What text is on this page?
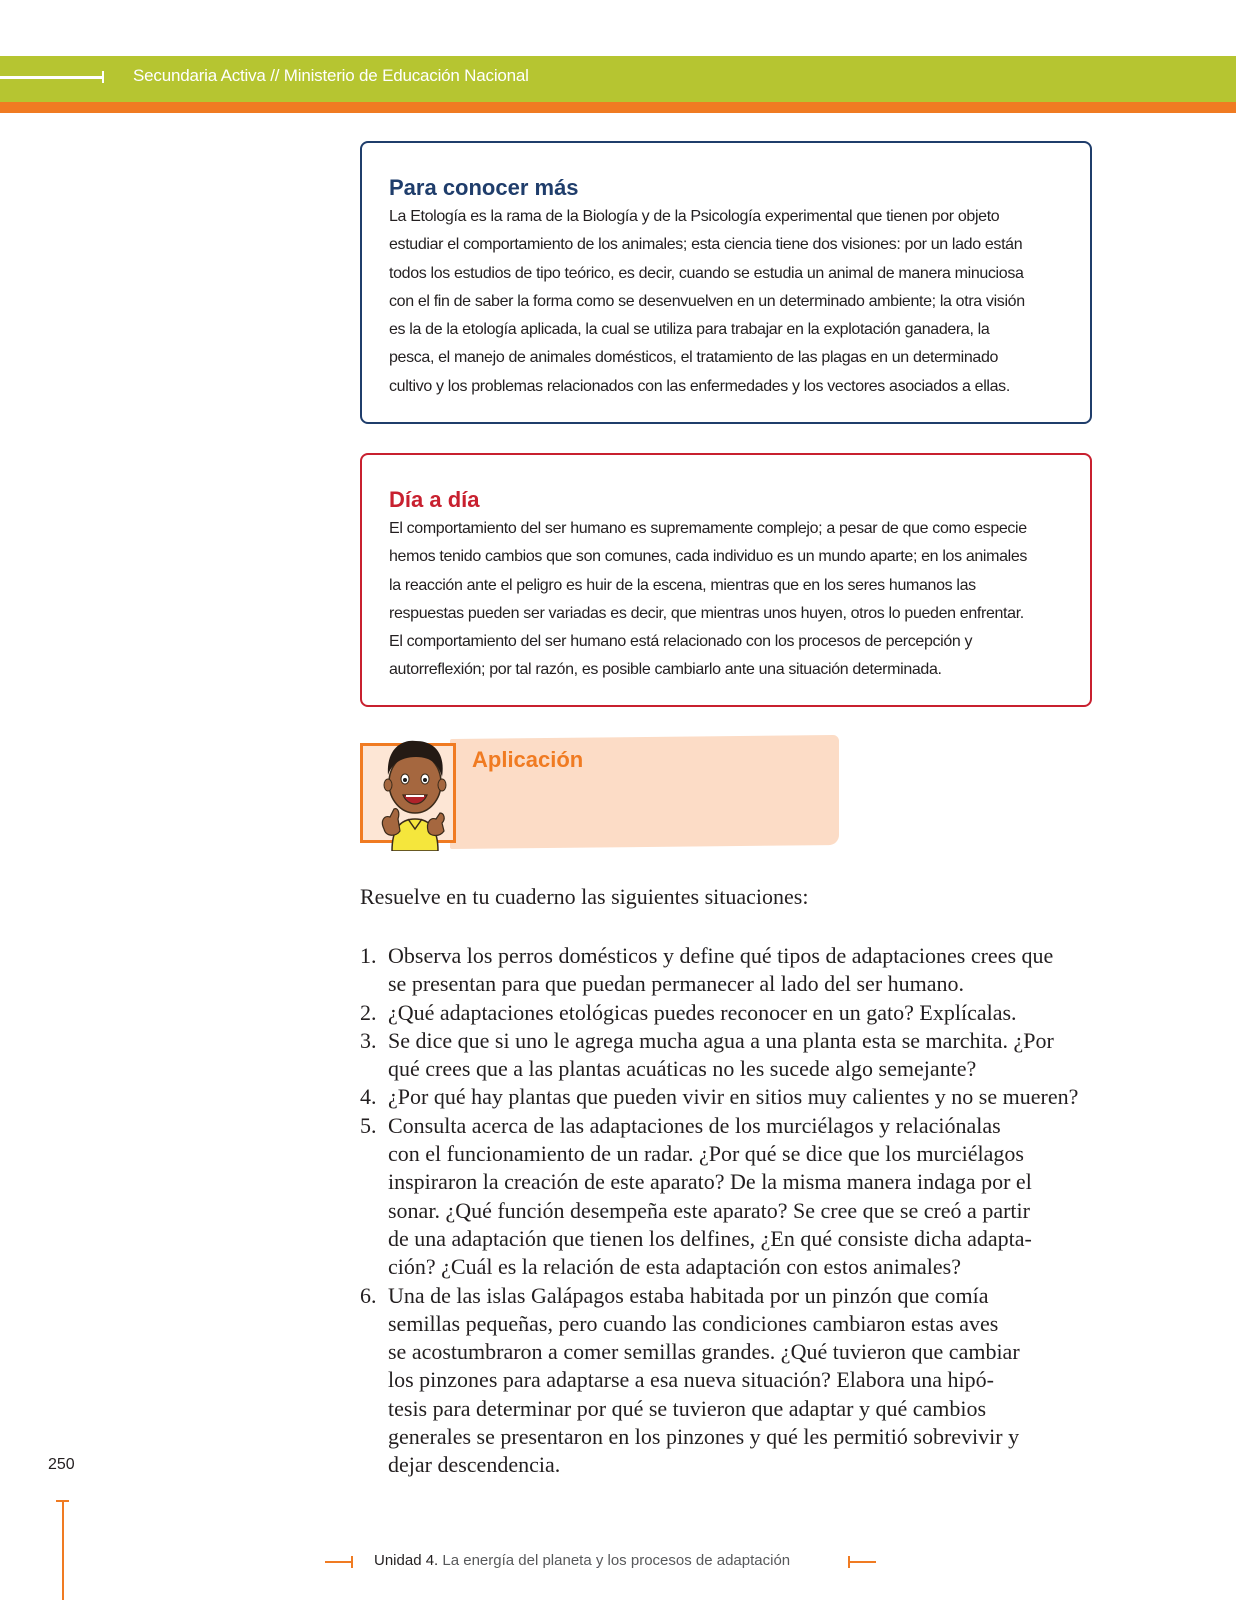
Secundaria Activa // Ministerio de Educación Nacional
Para conocer más
La Etología es la rama de la Biología y de la Psicología experimental que tienen por objeto
estudiar el comportamiento de los animales; esta ciencia tiene dos visiones: por un lado están
todos los estudios de tipo teórico, es decir, cuando se estudia un animal de manera minuciosa
con el fin de saber la forma como se desenvuelven en un determinado ambiente; la otra visión
es la de la etología aplicada, la cual se utiliza para trabajar en la explotación ganadera, la
pesca, el manejo de animales domésticos, el tratamiento de las plagas en un determinado
cultivo y los problemas relacionados con las enfermedades y los vectores asociados a ellas.
Día a día
El comportamiento del ser humano es supremamente complejo; a pesar de que como especie
hemos tenido cambios que son comunes, cada individuo es un mundo aparte; en los animales
la reacción ante el peligro es huir de la escena, mientras que en los seres humanos las
respuestas pueden ser variadas es decir, que mientras unos huyen, otros lo pueden enfrentar.
El comportamiento del ser humano está relacionado con los procesos de percepción y
autorreflexión; por tal razón, es posible cambiarlo ante una situación determinada.
Aplicación
Resuelve en tu cuaderno las siguientes situaciones:
1. Observa los perros domésticos y define qué tipos de adaptaciones crees que
se presentan para que puedan permanecer al lado del ser humano.
2. ¿Qué adaptaciones etológicas puedes reconocer en un gato? Explícalas.
3. Se dice que si uno le agrega mucha agua a una planta esta se marchita. ¿Por
qué crees que a las plantas acuáticas no les sucede algo semejante?
4. ¿Por qué hay plantas que pueden vivir en sitios muy calientes y no se mueren?
5. Consulta acerca de las adaptaciones de los murciélagos y relaciónalas
con el funcionamiento de un radar. ¿Por qué se dice que los murciélagos
inspiraron la creación de este aparato? De la misma manera indaga por el
sonar. ¿Qué función desempeña este aparato? Se cree que se creó a partir
de una adaptación que tienen los delfines, ¿En qué consiste dicha adapta-
ción? ¿Cuál es la relación de esta adaptación con estos animales?
6. Una de las islas Galápagos estaba habitada por un pinzón que comía
semillas pequeñas, pero cuando las condiciones cambiaron estas aves
se acostumbraron a comer semillas grandes. ¿Qué tuvieron que cambiar
los pinzones para adaptarse a esa nueva situación? Elabora una hipó-
tesis para determinar por qué se tuvieron que adaptar y qué cambios
generales se presentaron en los pinzones y qué les permitió sobrevivir y
dejar descendencia.
250
Unidad 4. La energía del planeta y los procesos de adaptación
